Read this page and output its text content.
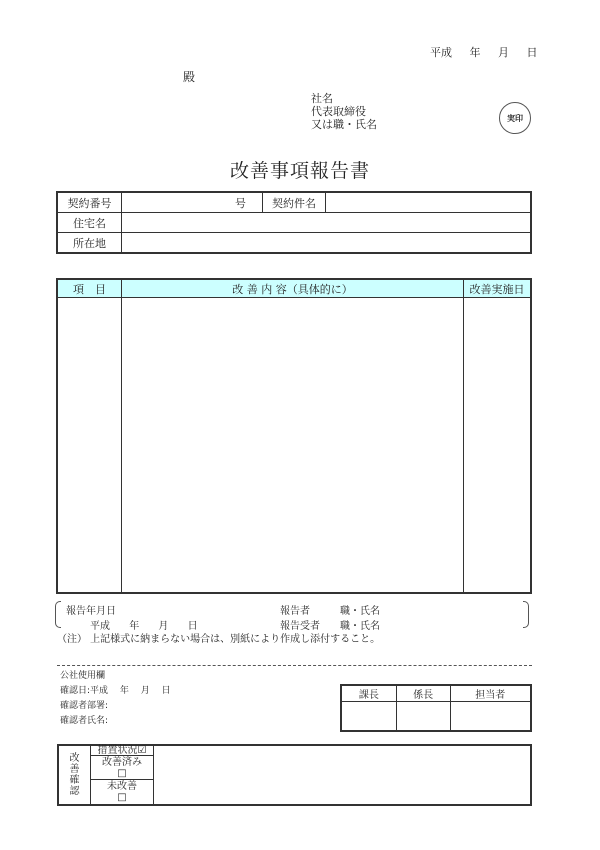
平成 年 月 日
殿
社名
代表取締役
又は職・氏名	実印
改善事項報告書
契約番号	号	契約件名	
住宅名			
所在地			
項　目	改 善 内 容（具体的に）	改善実施日

報告年月日
平成 年 月 日
報告者	職・氏名
報告受者 職・氏名
（注） 上記様式に納まらない場合は、別紙により作成し添付すること。
公社使用欄
確認日:平成　 年　 月　 日
確認者部署:
確認者氏名:
課長	係長	担当者

改
善
確
認
	措置状況☑	

改善済み
□

未改善
□
